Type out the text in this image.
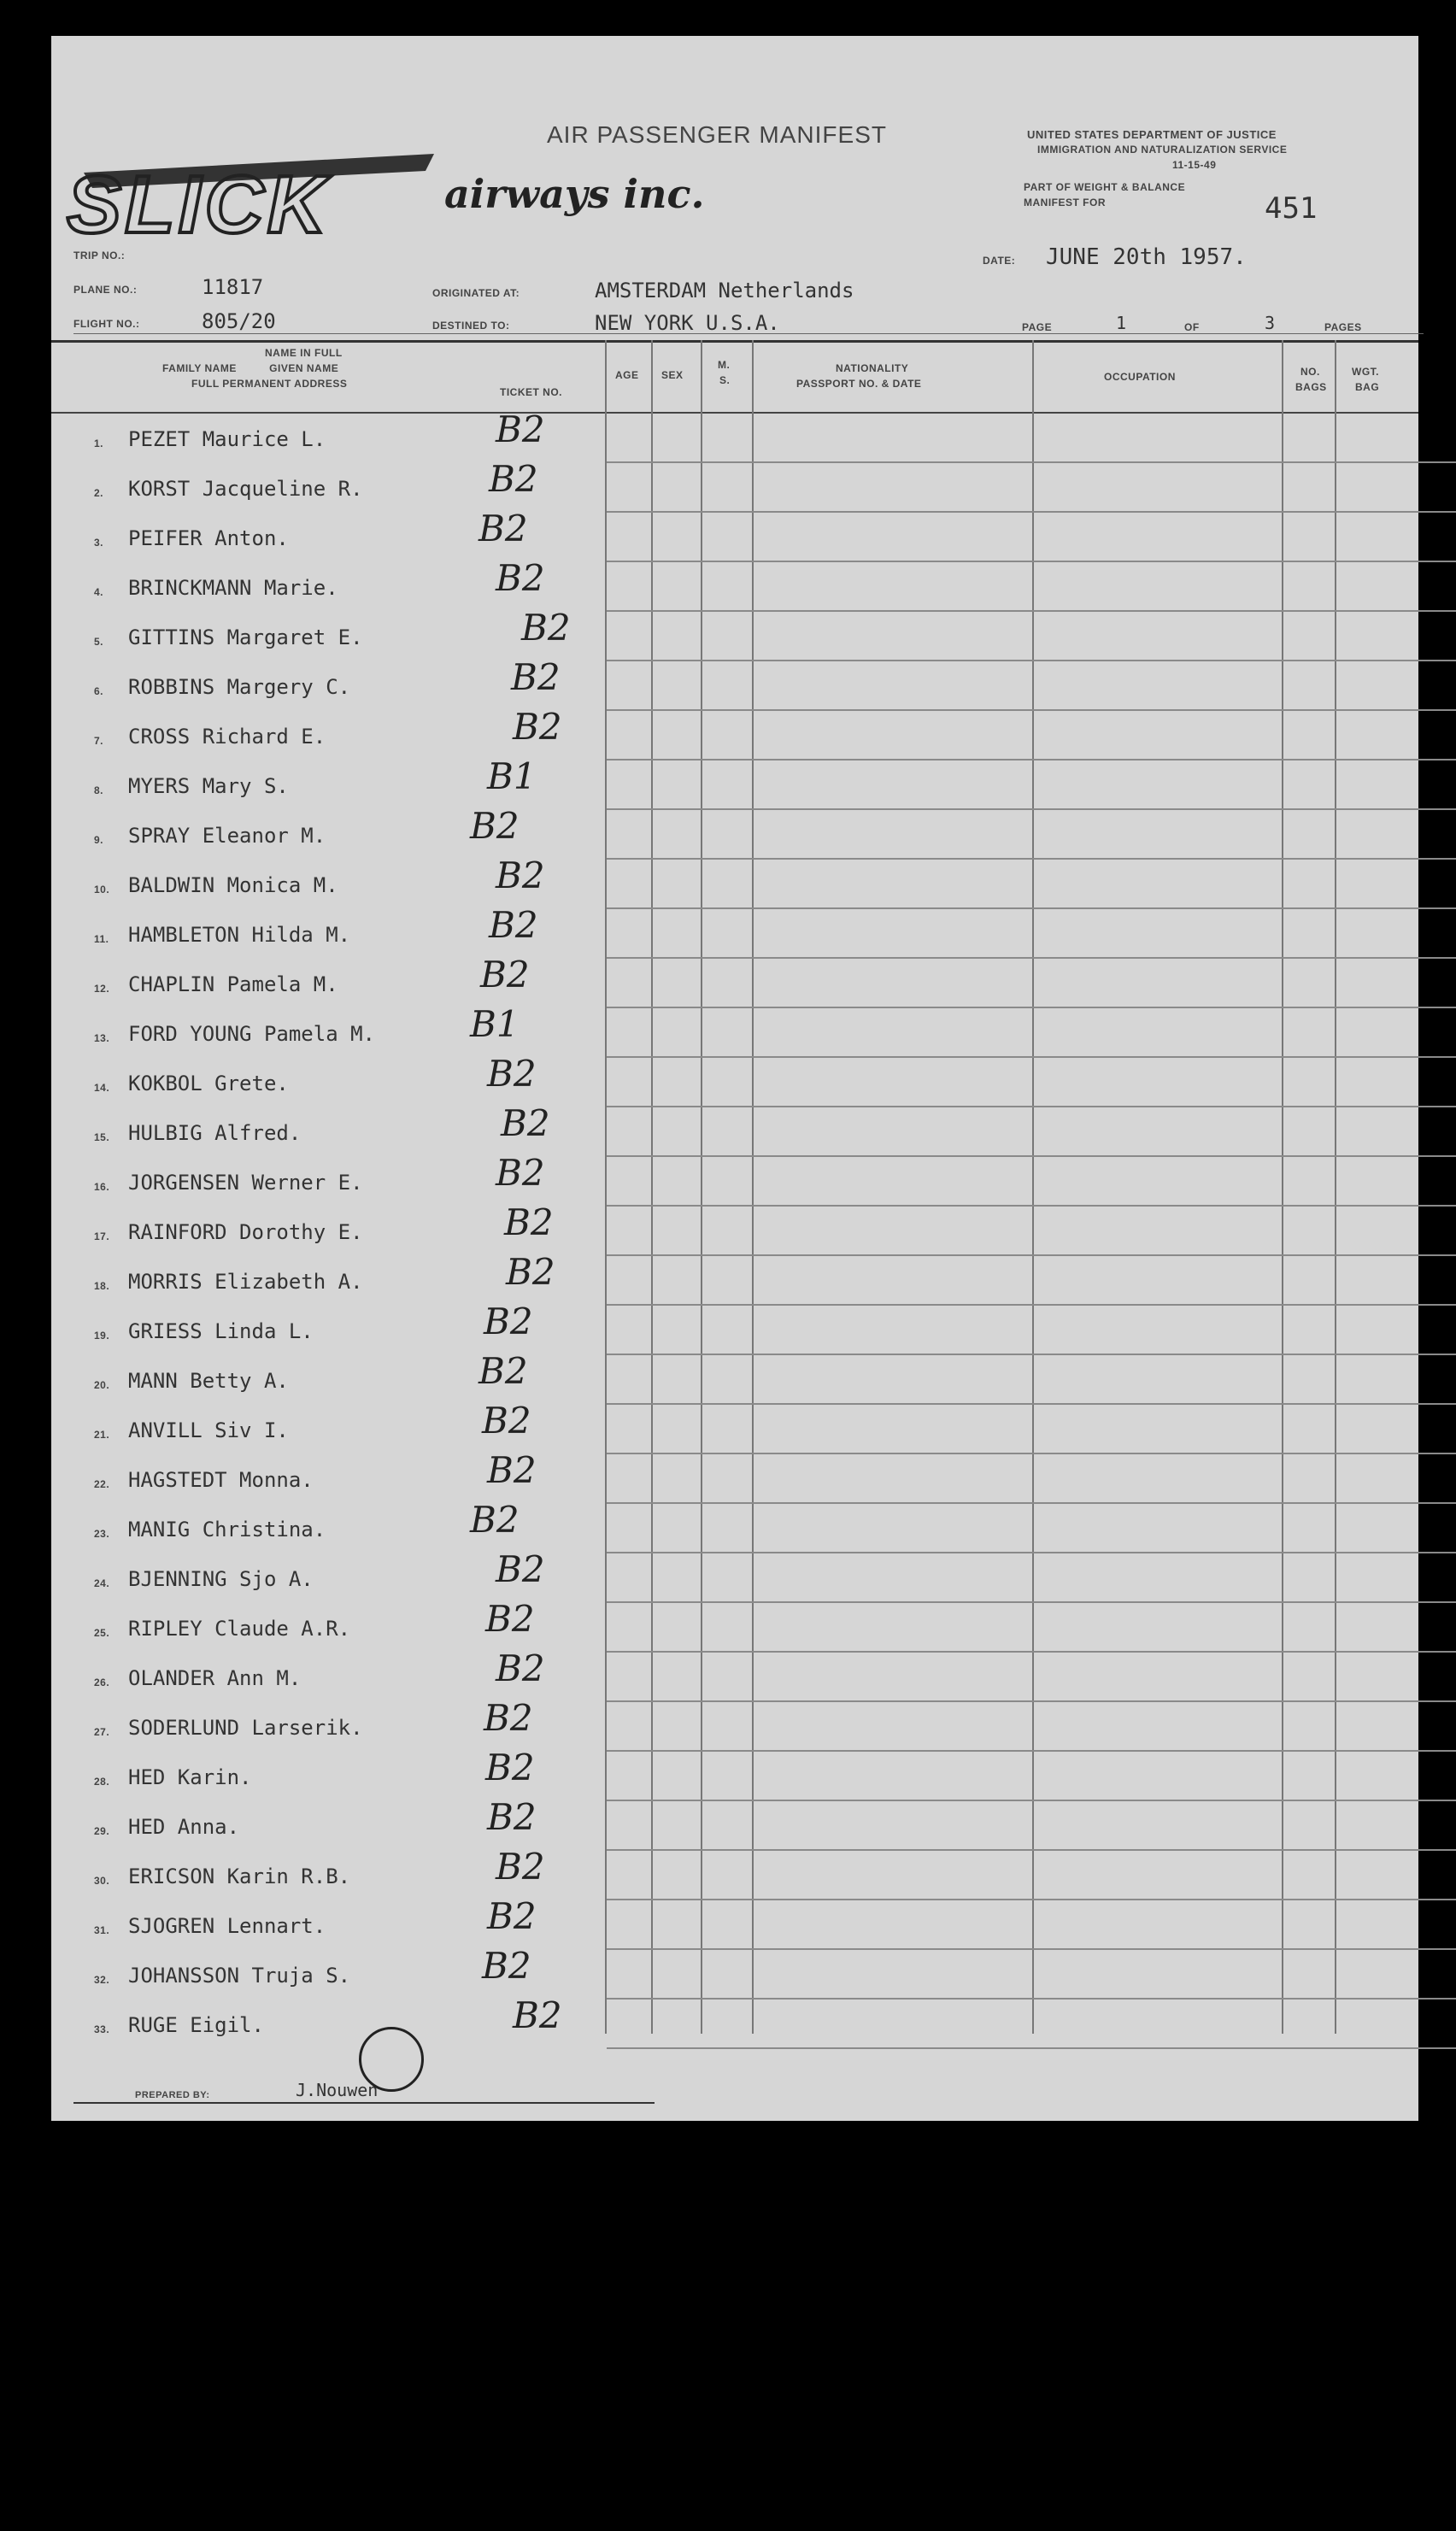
AIR PASSENGER MANIFEST
SLICK	airways inc.
UNITED STATES DEPARTMENT OF JUSTICE
IMMIGRATION AND NATURALIZATION SERVICE
11-15-49
PART OF WEIGHT & BALANCE
MANIFEST FOR	451
TRIP NO.:
PLANE NO.:	11817
FLIGHT NO.:	805/20
ORIGINATED AT:	AMSTERDAM Netherlands
DESTINED TO:	NEW YORK U.S.A.
DATE: JUNE 20th 1957.
PAGE	1	OF	3	PAGES
NAME IN FULL
FAMILY NAME          GIVEN NAME
FULL PERMANENT ADDRESS
TICKET NO.
AGE SEX
M.
S.
NATIONALITY
PASSPORT NO. & DATE
OCCUPATION	NO.
BAGS
WGT.
BAG
1. PEZET Maurice L.	B2
2. KORST Jacqueline R.	B2
3. PEIFER Anton.	B2
4. BRINCKMANN Marie.	B2
5. GITTINS Margaret E.	B2
6. ROBBINS Margery C.	B2
7. CROSS Richard E.	B2
8. MYERS Mary S.	B1
9. SPRAY Eleanor M.	B2
10. BALDWIN Monica M.	B2
11. HAMBLETON Hilda M.	B2
12. CHAPLIN Pamela M.	B2
13. FORD YOUNG Pamela M.	B1
14. KOKBOL Grete.	B2
15. HULBIG Alfred.	B2
16. JORGENSEN Werner E.	B2
17. RAINFORD Dorothy E.	B2
18. MORRIS Elizabeth A.	B2
19. GRIESS Linda L.	B2
20. MANN Betty A.	B2
21. ANVILL Siv I.	B2
22. HAGSTEDT Monna.	B2
23. MANIG Christina.	B2
24. BJENNING Sjo A.	B2
25. RIPLEY Claude A.R.	B2
26. OLANDER Ann M.	B2
27. SODERLUND Larserik.	B2
28. HED Karin.	B2
29. HED Anna.	B2
30. ERICSON Karin R.B.	B2
31. SJOGREN Lennart.	B2
32. JOHANSSON Truja S.	B2
33. RUGE Eigil.	B2
PREPARED BY:	J.Nouwen
